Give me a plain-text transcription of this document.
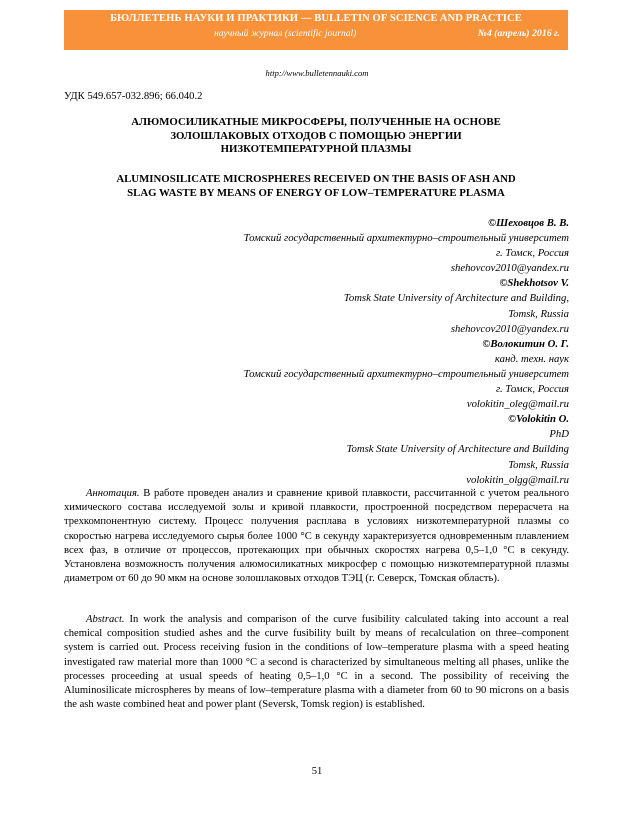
БЮЛЛЕТЕНЬ НАУКИ И ПРАКТИКИ — BULLETIN OF SCIENCE AND PRACTICE
научный журнал (scientific journal)	№4 (апрель) 2016 г.
http://www.bulletennauki.com
УДК 549.657-032.896; 66.040.2
АЛЮМОСИЛИКАТНЫЕ МИКРОСФЕРЫ, ПОЛУЧЕННЫЕ НА ОСНОВЕ
ЗОЛОШЛАКОВЫХ ОТХОДОВ С ПОМОЩЬЮ ЭНЕРГИИ
НИЗКОТЕМПЕРАТУРНОЙ ПЛАЗМЫ
ALUMINOSILICATE MICROSPHERES RECEIVED ON THE BASIS OF ASH AND
SLAG WASTE BY MEANS OF ENERGY OF LOW–TEMPERATURE PLASMA
©Шеховцов В. В.
Томский государственный архитектурно–строительный университет
г. Томск, Россия
shehovcov2010@yandex.ru
©Shekhotsov V.
Tomsk State University of Architecture and Building,
Tomsk, Russia
shehovcov2010@yandex.ru
©Волокитин О. Г.
канд. техн. наук
Томский государственный архитектурно–строительный университет
г. Томск, Россия
volokitin_oleg@mail.ru
©Volokitin O.
PhD
Tomsk State University of Architecture and Building
Tomsk, Russia
volokitin_olgg@mail.ru
Аннотация. В работе проведен анализ и сравнение кривой плавкости, рассчитанной с учетом реального химического состава исследуемой золы и кривой плавкости, простроенной посредством перерасчета на трехкомпонентную систему. Процесс получения расплава в условиях низкотемпературной плазмы со скоростью нагрева исследуемого сырья более 1000 °С в секунду характеризуется одновременным плавлением всех фаз, в отличие от процессов, протекающих при обычных скоростях нагрева 0,5–1,0 °С в секунду. Установлена возможность получения алюмосиликатных микросфер с помощью низкотемпературной плазмы диаметром от 60 до 90 мкм на основе золошлаковых отходов ТЭЦ (г. Северск, Томская область).
Abstract. In work the analysis and comparison of the curve fusibility calculated taking into account a real chemical composition studied ashes and the curve fusibility built by means of recalculation on three–component system is carried out. Process receiving fusion in the conditions of low–temperature plasma with a speed heating investigated raw material more than 1000 °C a second is characterized by simultaneous melting all phases, unlike the processes proceeding at usual speeds of heating 0,5–1,0 °C in a second. The possibility of receiving the Aluminosilicate microspheres by means of low–temperature plasma with a diameter from 60 to 90 microns on a basis the ash waste combined heat and power plant (Seversk, Tomsk region) is established.
51
